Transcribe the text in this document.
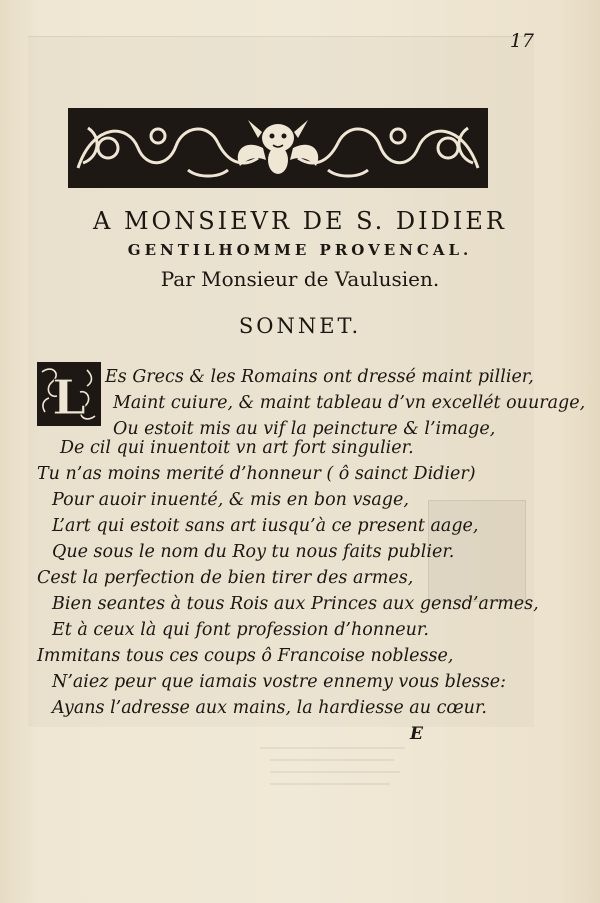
17
A MONSIEVR DE S. DIDIER
GENTILHOMME PROVENCAL.
Par Monsieur de Vaulusien.
SONNET.
L Es Grecs & les Romains ont dressé maint pillier,
Maint cuiure, & maint tableau d’vn excellét ouurage,
Ou estoit mis au vif la peincture & l’image,
De cil qui inuentoit vn art fort singulier.
Tu n’as moins merité d’honneur ( ô sainct Didier)
Pour auoir inuenté, & mis en bon vsage,
L’art qui estoit sans art iusqu’à ce present aage,
Que sous le nom du Roy tu nous faits publier.
Cest la perfection de bien tirer des armes,
Bien seantes à tous Rois aux Princes aux gensd’armes,
Et à ceux là qui font profession d’honneur.
Immitans tous ces coups ô Francoise noblesse,
N’aiez peur que iamais vostre ennemy vous blesse:
Ayans l’adresse aux mains, la hardiesse au cœur.
E
